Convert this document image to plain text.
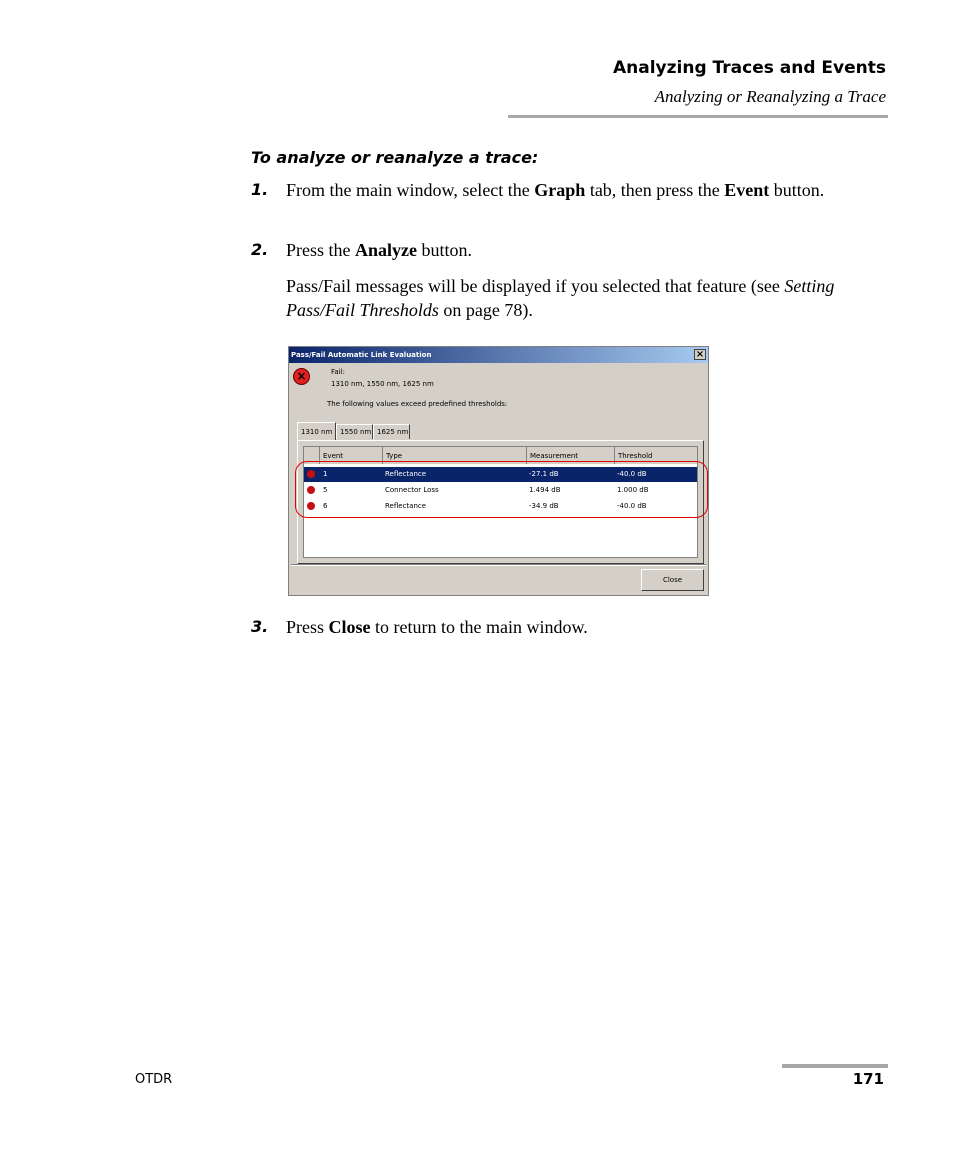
Analyzing Traces and Events
Analyzing or Reanalyzing a Trace
To analyze or reanalyze a trace:
1. From the main window, select the Graph tab, then press the Event button.
2. Press the Analyze button.
Pass/Fail messages will be displayed if you selected that feature (see Setting Pass/Fail Thresholds on page 78).
Pass/Fail Automatic Link Evaluation	×
×	Fail:
1310 nm, 1550 nm, 1625 nm
The following values exceed predefined thresholds:
1310 nm	1550 nm 1625 nm
Event	Type	Measurement	Threshold
1	Reflectance	-27.1 dB	-40.0 dB
5	Connector Loss	1.494 dB	1.000 dB
6	Reflectance	-34.9 dB	-40.0 dB
Close
3. Press Close to return to the main window.
OTDR	171
